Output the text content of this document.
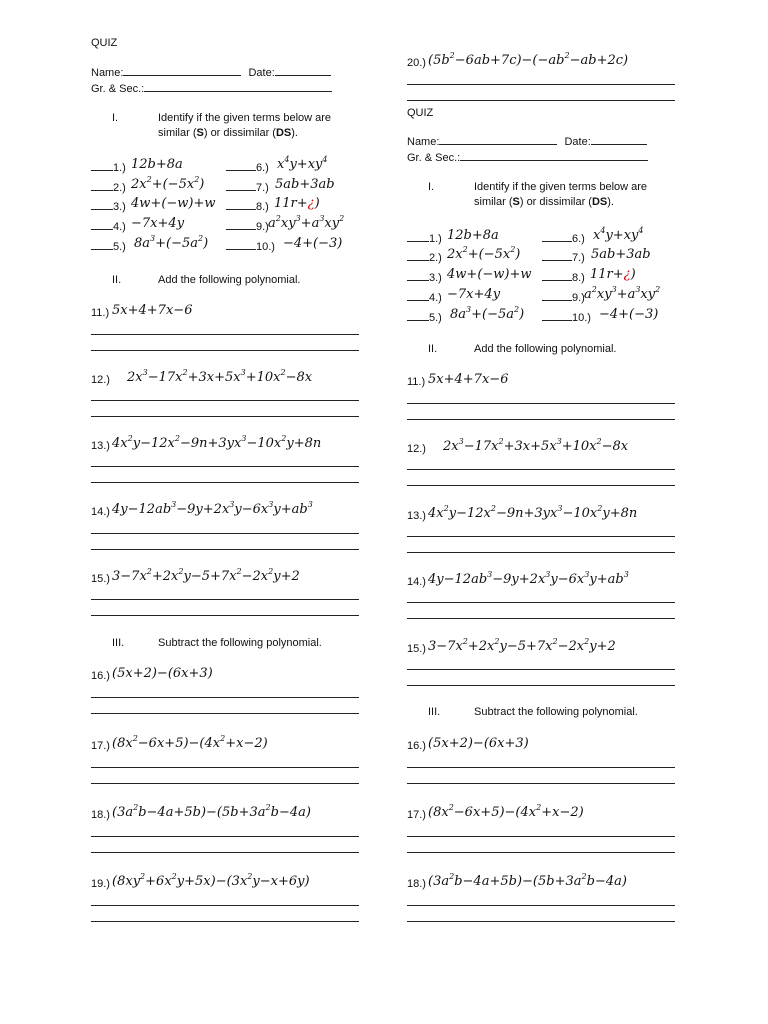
QUIZ
Name:	Date:
Gr. & Sec.:
I.	Identify if the given terms below are
similar (S) or dissimilar (DS).
1.) 12b+8a
2.) $2x^2+(-5x^2)$
3.) 4w+(−w)+w
4.) −7x+4y
5.) $8a^3+(-5a^2)$
6.) $x^4y+xy^4$
7.) 5ab+3ab
8.) 11r+¿)
9.) $a^2xy^3+a^3xy^2$
10.) −4+(−3)
II.	Add the following polynomial.
11.) 5x+4+7x−6
12.) $2x^3-17x^2+3x+5x^3+10x^2-8x$
13.) $4x^2y-12x^2-9n+3yx^3-10x^2y+8n$
14.) $4y-12ab^3-9y+2x^3y-6x^3y+ab^3$
15.) $3-7x^2+2x^2y-5+7x^2-2x^2y+2$
III.	Subtract the following polynomial.
16.) (5x+2)−(6x+3)
17.) $(8x^2-6x+5)-(4x^2+x-2)$
18.) $(3a^2b-4a+5b)-(5b+3a^2b-4a)$
19.) $(8xy^2+6x^2y+5x)-(3x^2y-x+6y)$
20.) $(5b^2-6ab+7c)-(-ab^2-ab+2c)$
QUIZ
Name:	Date:
Gr. & Sec.:
I.	Identify if the given terms below are
similar (S) or dissimilar (DS).
1.) 12b+8a
2.) $2x^2+(-5x^2)$
3.) 4w+(−w)+w
4.) −7x+4y
5.) $8a^3+(-5a^2)$
6.) $x^4y+xy^4$
7.) 5ab+3ab
8.) 11r+¿)
9.) $a^2xy^3+a^3xy^2$
10.) −4+(−3)
II.	Add the following polynomial.
11.) 5x+4+7x−6
12.) $2x^3-17x^2+3x+5x^3+10x^2-8x$
13.) $4x^2y-12x^2-9n+3yx^3-10x^2y+8n$
14.) $4y-12ab^3-9y+2x^3y-6x^3y+ab^3$
15.) $3-7x^2+2x^2y-5+7x^2-2x^2y+2$
III.	Subtract the following polynomial.
16.) (5x+2)−(6x+3)
17.) $(8x^2-6x+5)-(4x^2+x-2)$
18.) $(3a^2b-4a+5b)-(5b+3a^2b-4a)$
